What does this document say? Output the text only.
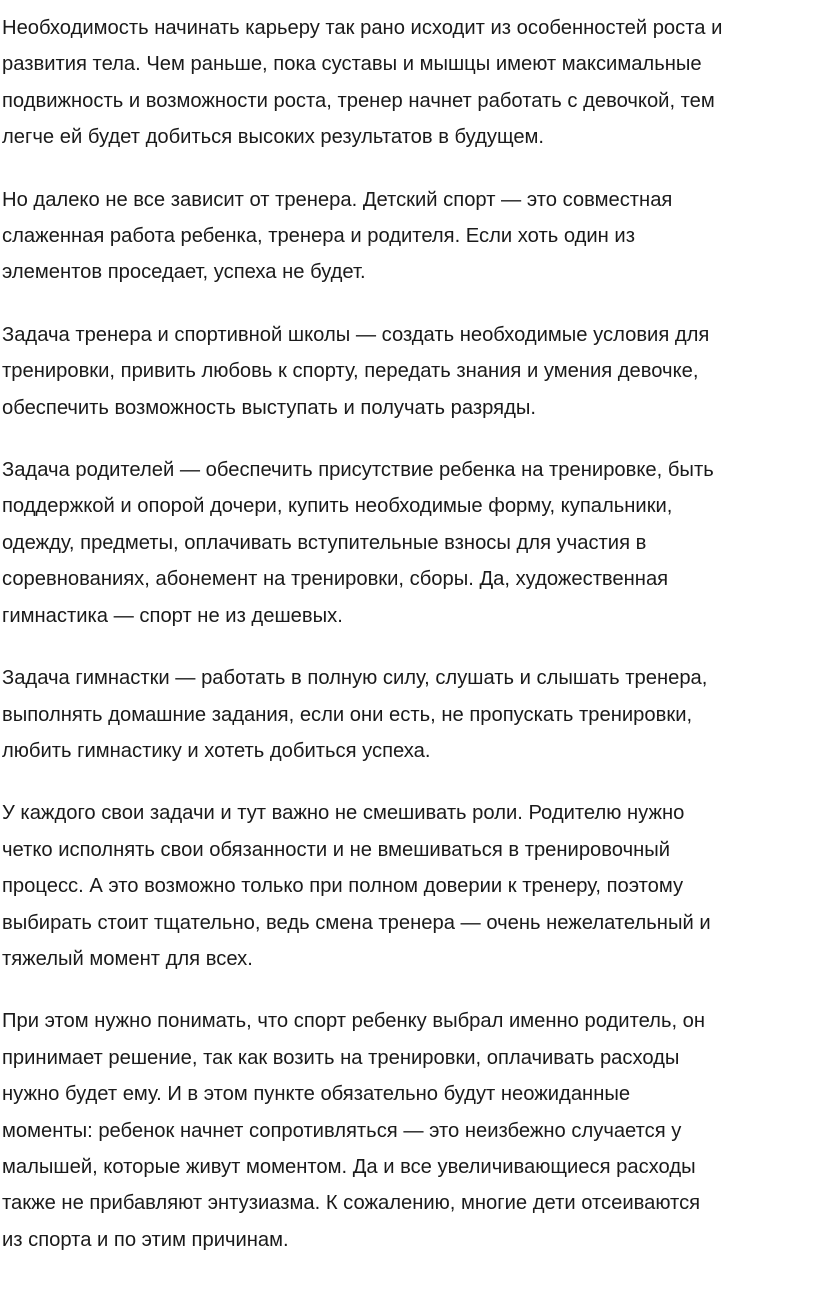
Необходимость начинать карьеру так рано исходит из особенностей роста и
развития тела. Чем раньше, пока суставы и мышцы имеют максимальные
подвижность и возможности роста, тренер начнет работать с девочкой, тем
легче ей будет добиться высоких результатов в будущем.

Но далеко не все зависит от тренера. Детский спорт — это совместная
слаженная работа ребенка, тренера и родителя. Если хоть один из
элементов проседает, успеха не будет.

Задача тренера и спортивной школы — создать необходимые условия для
тренировки, привить любовь к спорту, передать знания и умения девочке,
обеспечить возможность выступать и получать разряды.

Задача родителей — обеспечить присутствие ребенка на тренировке, быть
поддержкой и опорой дочери, купить необходимые форму, купальники,
одежду, предметы, оплачивать вступительные взносы для участия в
соревнованиях, абонемент на тренировки, сборы. Да, художественная
гимнастика — спорт не из дешевых.

Задача гимнастки — работать в полную силу, слушать и слышать тренера,
выполнять домашние задания, если они есть, не пропускать тренировки,
любить гимнастику и хотеть добиться успеха.

У каждого свои задачи и тут важно не смешивать роли. Родителю нужно
четко исполнять свои обязанности и не вмешиваться в тренировочный
процесс. А это возможно только при полном доверии к тренеру, поэтому
выбирать стоит тщательно, ведь смена тренера — очень нежелательный и
тяжелый момент для всех.

При этом нужно понимать, что спорт ребенку выбрал именно родитель, он
принимает решение, так как возить на тренировки, оплачивать расходы
нужно будет ему. И в этом пункте обязательно будут неожиданные
моменты: ребенок начнет сопротивляться — это неизбежно случается у
малышей, которые живут моментом. Да и все увеличивающиеся расходы
также не прибавляют энтузиазма. К сожалению, многие дети отсеиваются
из спорта и по этим причинам.
